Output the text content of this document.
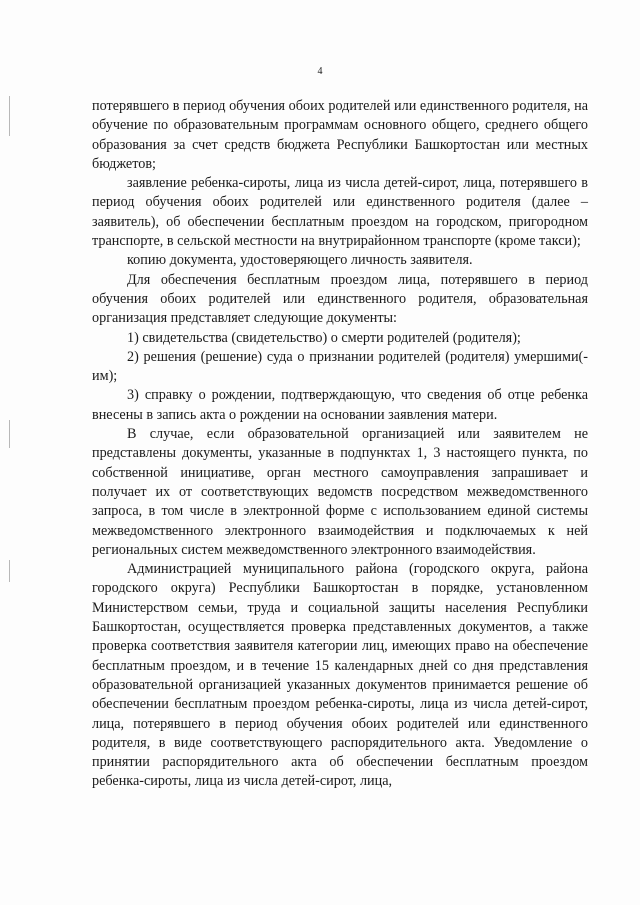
4

потерявшего в период обучения обоих родителей или единственного родителя, на обучение по образовательным программам основного общего, среднего общего образования за счет средств бюджета Республики Башкортостан или местных бюджетов;

заявление ребенка-сироты, лица из числа детей-сирот, лица, потерявшего в период обучения обоих родителей или единственного родителя (далее – заявитель), об обеспечении бесплатным проездом на городском, пригородном транспорте, в сельской местности на внутрирайонном транспорте (кроме такси);

копию документа, удостоверяющего личность заявителя.

Для обеспечения бесплатным проездом лица, потерявшего в период обучения обоих родителей или единственного родителя, образовательная организация представляет следующие документы:

1) свидетельства (свидетельство) о смерти родителей (родителя);

2) решения (решение) суда о признании родителей (родителя) умершими(-им);

3) справку о рождении, подтверждающую, что сведения об отце ребенка внесены в запись акта о рождении на основании заявления матери.

В случае, если образовательной организацией или заявителем не представлены документы, указанные в подпунктах 1, 3 настоящего пункта, по собственной инициативе, орган местного самоуправления запрашивает и получает их от соответствующих ведомств посредством межведомственного запроса, в том числе в электронной форме с использованием единой системы межведомственного электронного взаимодействия и подключаемых к ней региональных систем межведомственного электронного взаимодействия.

Администрацией муниципального района (городского округа, района городского округа) Республики Башкортостан в порядке, установленном Министерством семьи, труда и социальной защиты населения Республики Башкортостан, осуществляется проверка представленных документов, а также проверка соответствия заявителя категории лиц, имеющих право на обеспечение бесплатным проездом, и в течение 15 календарных дней со дня представления образовательной организацией указанных документов принимается решение об обеспечении бесплатным проездом ребенка-сироты, лица из числа детей-сирот, лица, потерявшего в период обучения обоих родителей или единственного родителя, в виде соответствующего распорядительного акта. Уведомление о принятии распорядительного акта об обеспечении бесплатным проездом ребенка-сироты, лица из числа детей-сирот, лица,
